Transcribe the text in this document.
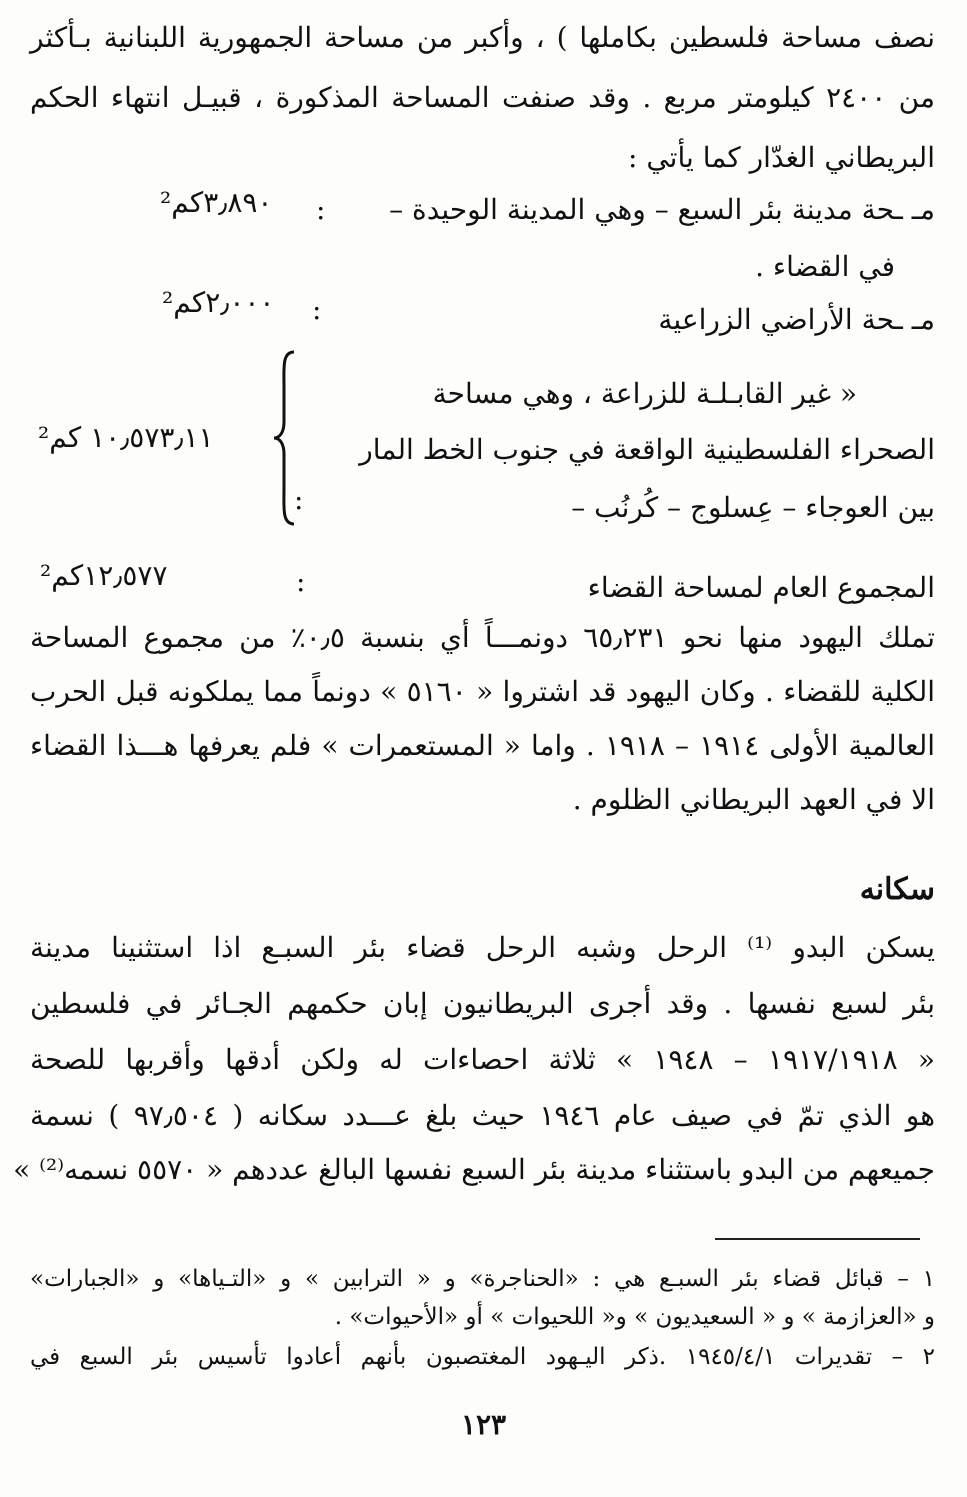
نصف مساحة فلسطين بكاملها ) ، وأكبر من مساحة الجمهورية اللبنانية بـأكثر
من ٢٤٠٠ كيلومتر مربع . وقد صنفت المساحة المذكورة ، قبيـل انتهاء الحكم
البريطاني الغدّار كما يأتي :
مـ ـحة مدينة بئر السبع – وهي المدينة الوحيدة –
:
٣٫٨٩٠كم²
في القضاء .
مـ ـحة الأراضي الزراعية
:
٢٫٠٠٠كم²
« غير القابـلـة للزراعة ، وهي مساحة
الصحراء الفلسطينية الواقعة في جنوب الخط المار
بين العوجاء – عِسلوج – كُرنُب –
:
١٠٫٥٧٣٫١١ كم²
المجموع العام لمساحة القضاء
:
١٢٫٥٧٧كم²
تملك اليهود منها نحو ٦٥٫٢٣١ دونمـــاً أي بنسبة ٠٫٥٪ من مجموع المساحة
الكلية للقضاء . وكان اليهود قد اشتروا « ٥١٦٠ » دونماً مما يملكونه قبل الحرب
العالمية الأولى ١٩١٤ – ١٩١٨ . واما « المستعمرات » فلم يعرفها هـــذا القضاء
الا في العهد البريطاني الظلوم .
سكانه
يسكن البدو ⁽¹⁾ الرحل وشبه الرحل قضاء بئر السبـع اذا استثنينا مدينة
بئر لسبع نفسها . وقد أجرى البريطانيون إبان حكمهم الجـائر في فلسطين
« ١٩١٧/١٩١٨ – ١٩٤٨ » ثلاثة احصاءات له ولكن أدقها وأقربها للصحة
هو الذي تمّ في صيف عام ١٩٤٦ حيث بلغ عـــدد سكانه ( ٩٧٫٥٠٤ ) نسمة
جميعهم من البدو باستثناء مدينة بئر السبع نفسها البالغ عددهم « ٥٥٧٠ نسمه⁽²⁾ »
١ – قبائل قضاء بئر السبـع هي : «الحناجرة» و « الترابين » و «التـياها» و «الجبارات»
و «العزازمة » و « السعيديون » و« اللحيوات » أو «الأحيوات» .
٢ – تقديرات ١٩٤٥/٤/١ .ذكر اليـهود المغتصبون بأنهم أعادوا تأسيس بئر السبع في
١٢٣
